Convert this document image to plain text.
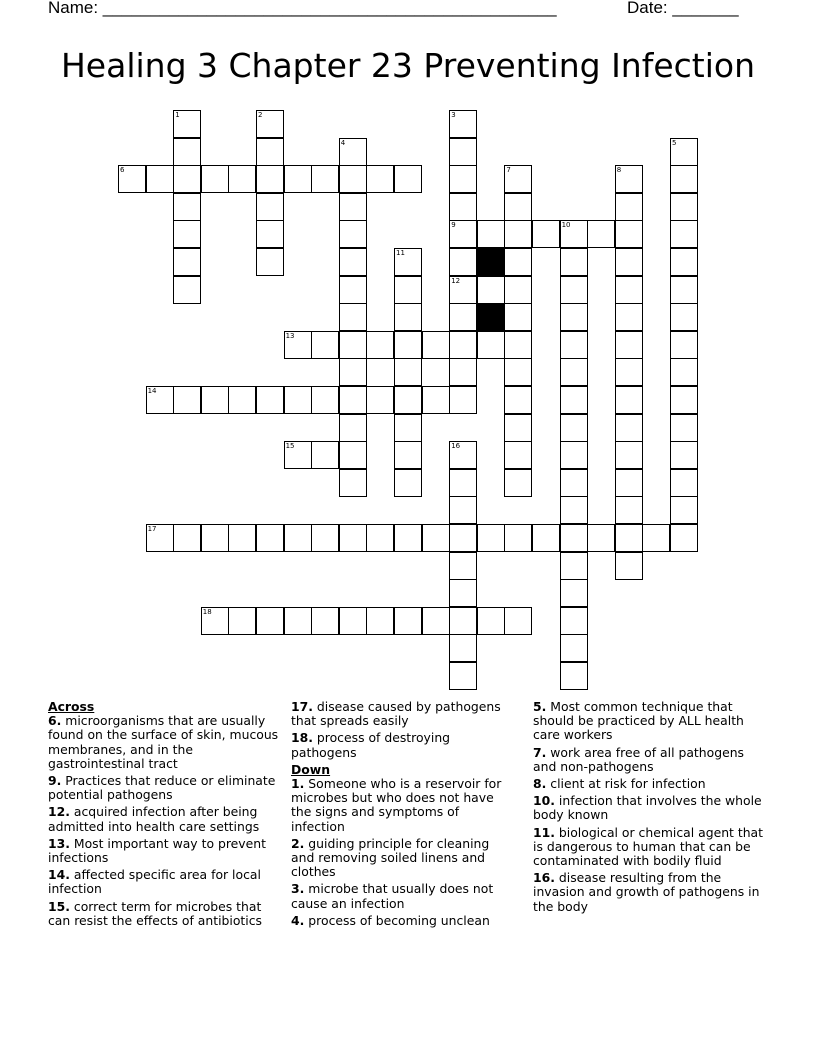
Name: ________________________________________________	Date: _______
Healing 3 Chapter 23 Preventing Infection
6
9	10
12
13
14
15
17
18
1	2	3
4	5
7	8
11
16
Across
6. microorganisms that are usually found on the surface of skin, mucous membranes, and in the gastrointestinal tract
9. Practices that reduce or eliminate potential pathogens
12. acquired infection after being admitted into health care settings
13. Most important way to prevent infections
14. affected specific area for local infection
15. correct term for microbes that can resist the effects of antibiotics
17. disease caused by pathogens that spreads easily
18. process of destroying pathogens
Down
1. Someone who is a reservoir for microbes but who does not have the signs and symptoms of infection
2. guiding principle for cleaning and removing soiled linens and clothes
3. microbe that usually does not cause an infection
4. process of becoming unclean
5. Most common technique that should be practiced by ALL health care workers
7. work area free of all pathogens and non-pathogens
8. client at risk for infection
10. infection that involves the whole body known
11. biological or chemical agent that is dangerous to human that can be contaminated with bodily fluid
16. disease resulting from the invasion and growth of pathogens in the body
